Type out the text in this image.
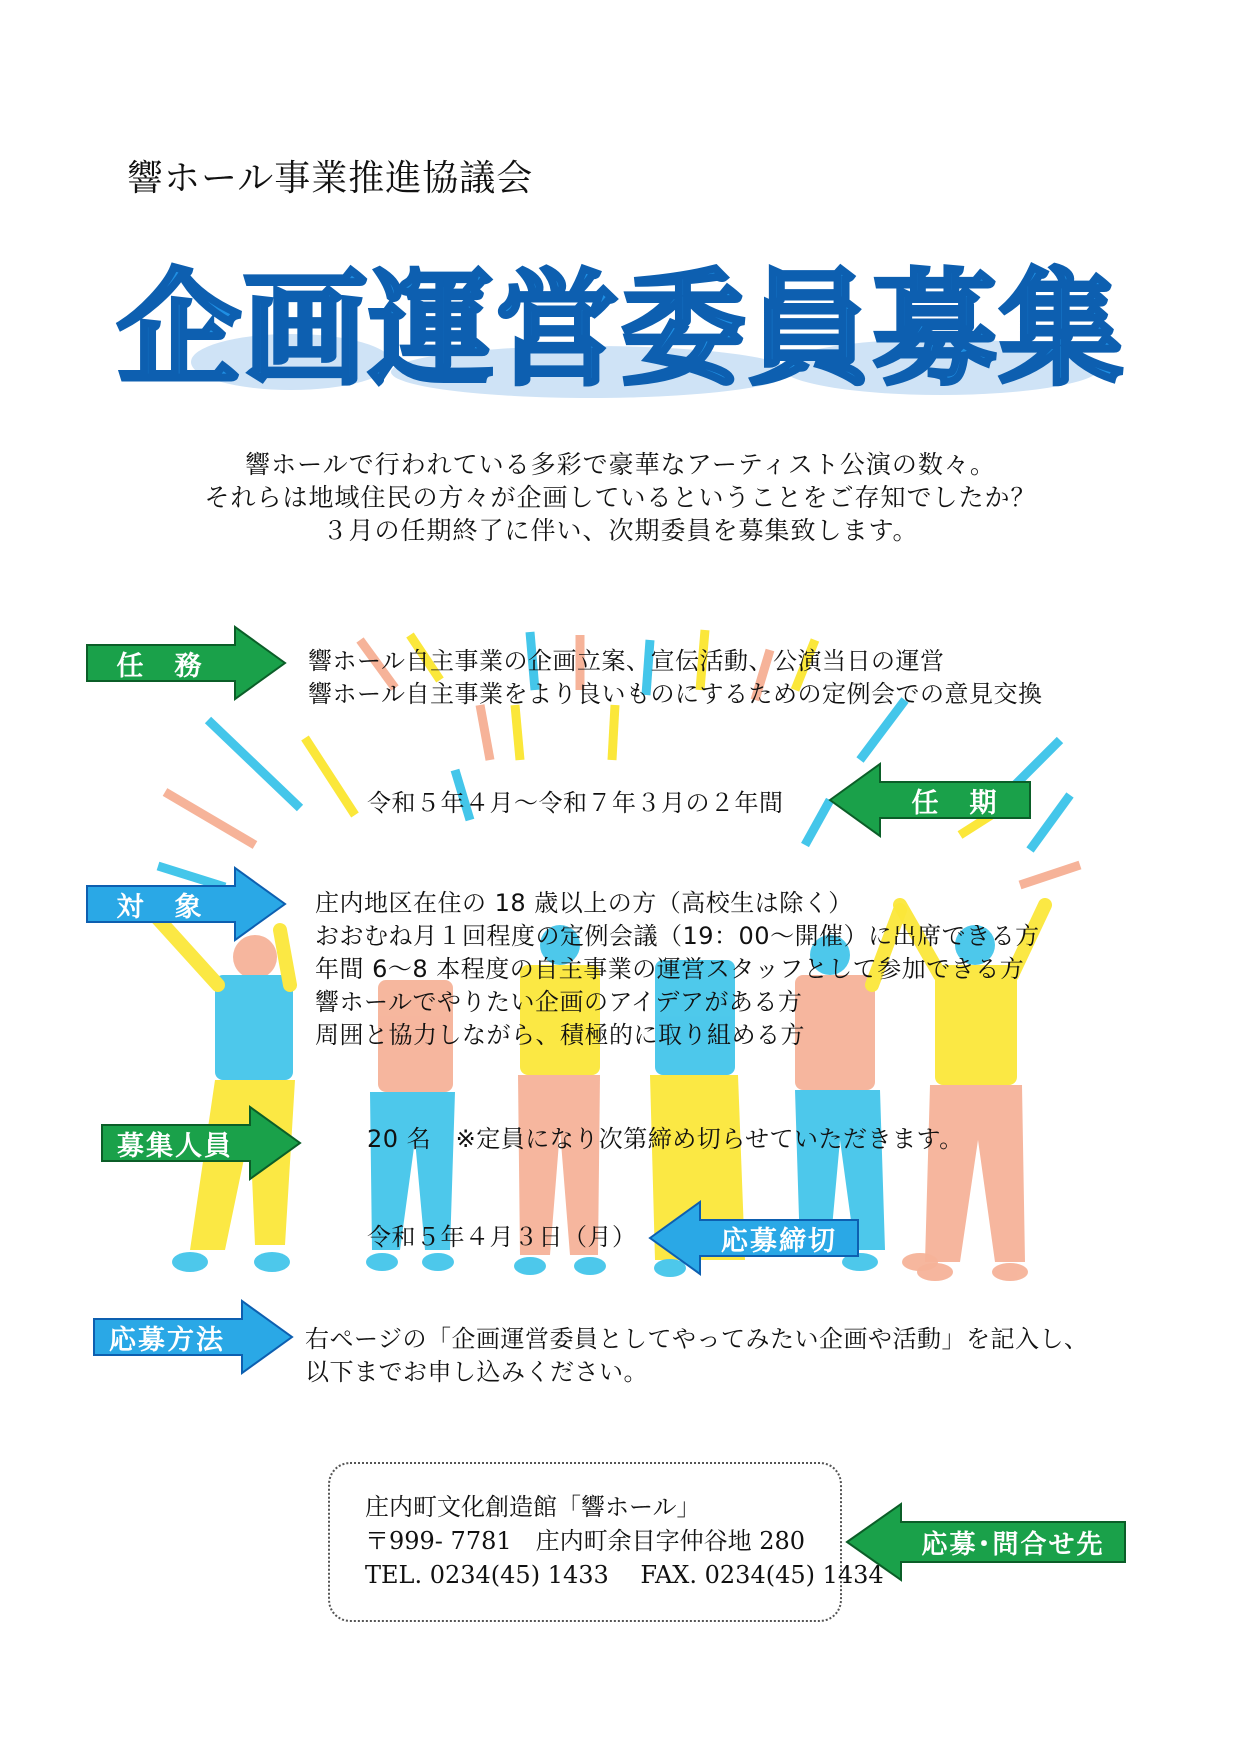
響ホール事業推進協議会
企画運営委員募集
響ホールで行われている多彩で豪華なアーティスト公演の数々。
それらは地域住民の方々が企画しているということをご存知でしたか？
３月の任期終了に伴い、次期委員を募集致します。
任　務	響ホール自主事業の企画立案、宣伝活動、公演当日の運営
響ホール自主事業をより良いものにするための定例会での意見交換
令和５年４月～令和７年３月の２年間	任　期
対　象	庄内地区在住の 18 歳以上の方（高校生は除く）
おおむね月１回程度の定例会議（19：00～開催）に出席できる方
年間 6～8 本程度の自主事業の運営スタッフとして参加できる方
響ホールでやりたい企画のアイデアがある方
周囲と協力しながら、積極的に取り組める方
募集人員	20 名　※定員になり次第締め切らせていただきます。
令和５年４月３日（月）	応募締切
応募方法	右ページの「企画運営委員としてやってみたい企画や活動」を記入し、
以下までお申し込みください。
庄内町文化創造館「響ホール」
〒999- 7781　庄内町余目字仲谷地 280
TEL. 0234(45) 1433　 FAX. 0234(45) 1434
応募･問合せ先
